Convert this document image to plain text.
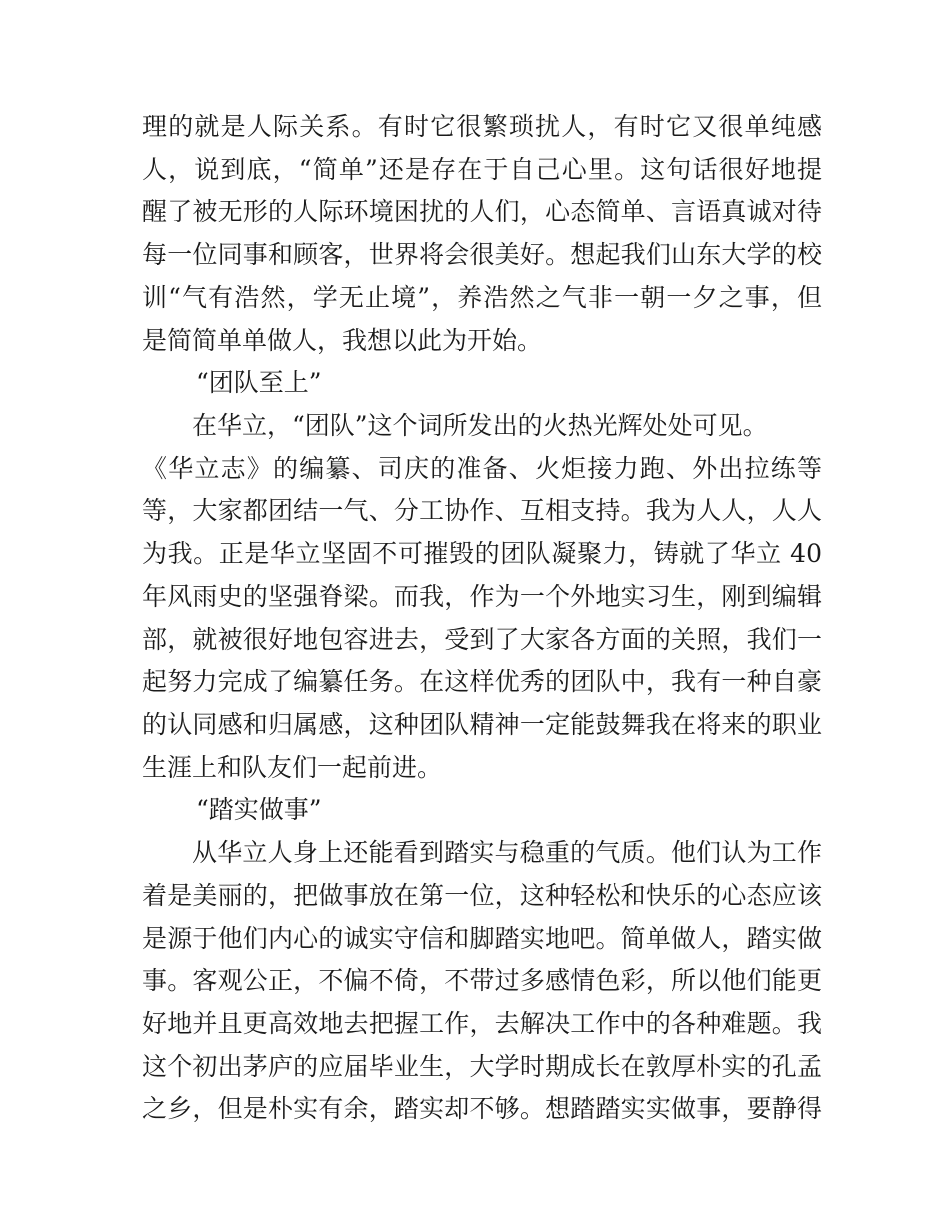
理的就是人际关系。有时它很繁琐扰人，有时它又很单纯感
人，说到底，“简单”还是存在于自己心里。这句话很好地提
醒了被无形的人际环境困扰的人们，心态简单、言语真诚对待
每一位同事和顾客，世界将会很美好。想起我们山东大学的校
训“气有浩然，学无止境”，养浩然之气非一朝一夕之事，但
是简简单单做人，我想以此为开始。
“团队至上”
在华立，“团队”这个词所发出的火热光辉处处可见。
《华立志》的编纂、司庆的准备、火炬接力跑、外出拉练等
等，大家都团结一气、分工协作、互相支持。我为人人，人人
为我。正是华立坚固不可摧毁的团队凝聚力，铸就了华立 40
年风雨史的坚强脊梁。而我，作为一个外地实习生，刚到编辑
部，就被很好地包容进去，受到了大家各方面的关照，我们一
起努力完成了编纂任务。在这样优秀的团队中，我有一种自豪
的认同感和归属感，这种团队精神一定能鼓舞我在将来的职业
生涯上和队友们一起前进。
“踏实做事”
从华立人身上还能看到踏实与稳重的气质。他们认为工作
着是美丽的，把做事放在第一位，这种轻松和快乐的心态应该
是源于他们内心的诚实守信和脚踏实地吧。简单做人，踏实做
事。客观公正，不偏不倚，不带过多感情色彩，所以他们能更
好地并且更高效地去把握工作，去解决工作中的各种难题。我
这个初出茅庐的应届毕业生，大学时期成长在敦厚朴实的孔孟
之乡，但是朴实有余，踏实却不够。想踏踏实实做事，要静得
